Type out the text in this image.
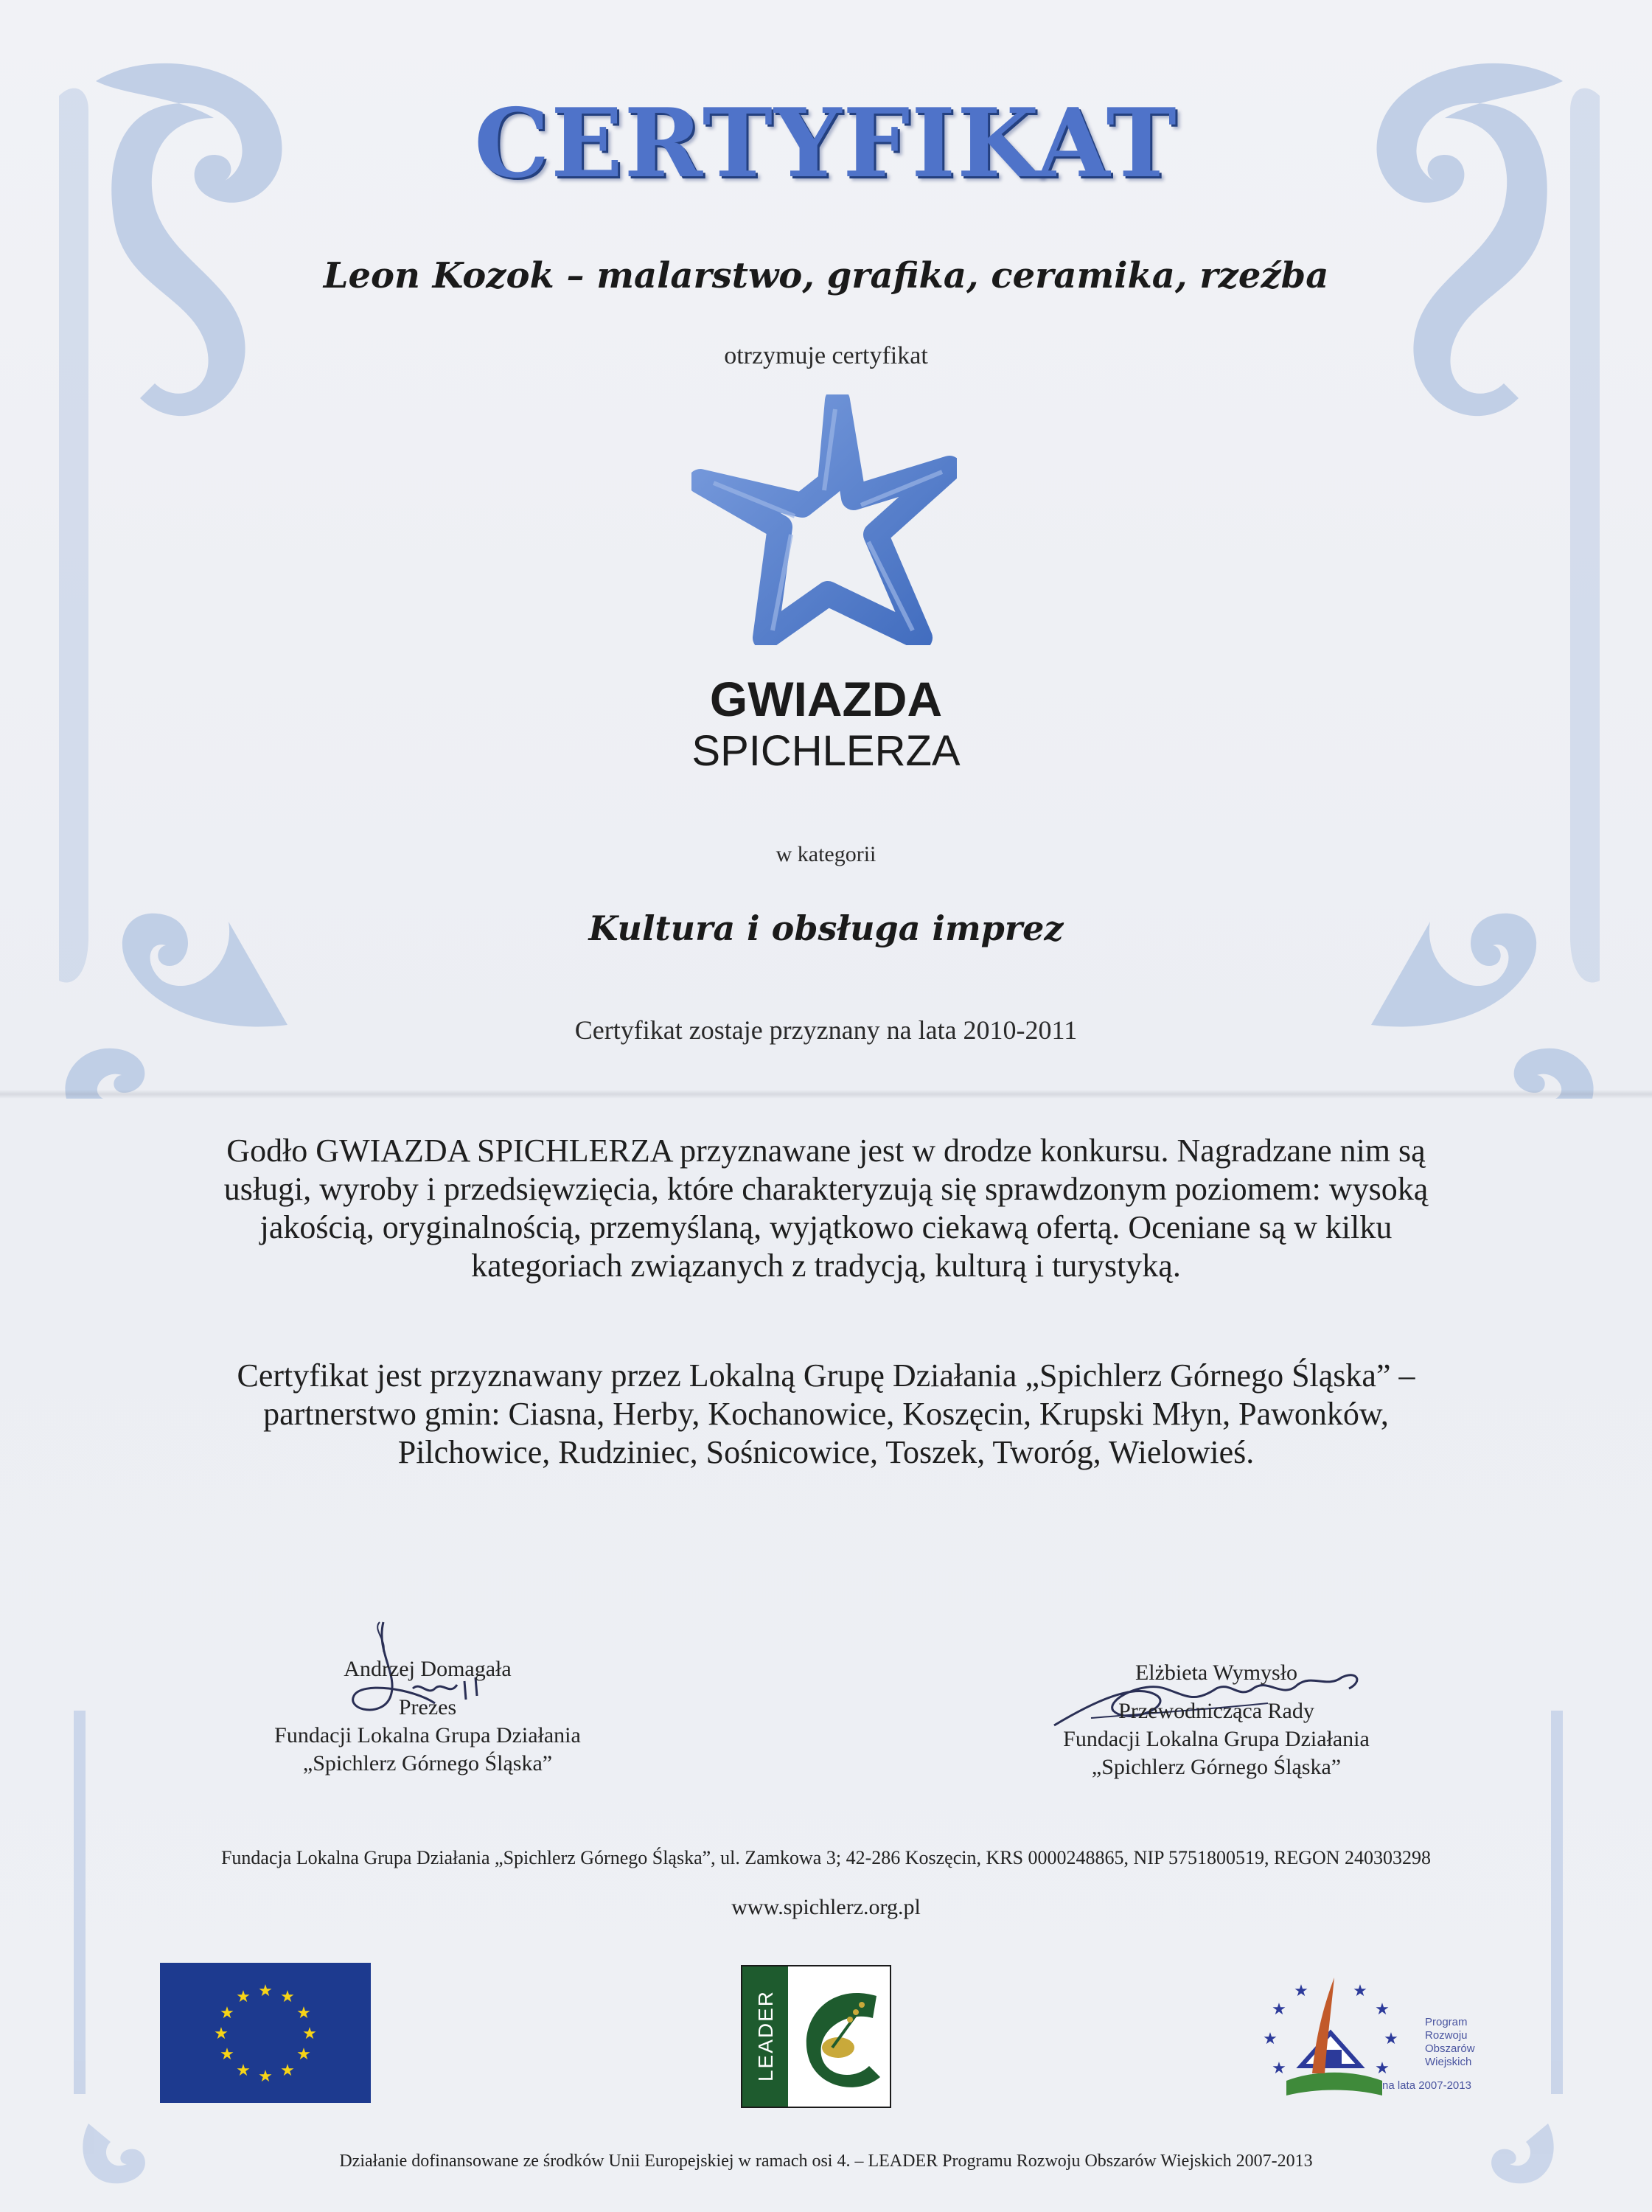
CERTYFIKAT
Leon Kozok – malarstwo, grafika, ceramika, rzeźba
otrzymuje certyfikat
GWIAZDA
SPICHLERZA
w kategorii
Kultura i obsługa imprez
Certyfikat zostaje przyznany na lata 2010-2011
Godło GWIAZDA SPICHLERZA przyznawane jest w drodze konkursu. Nagradzane nim są
usługi, wyroby i przedsięwzięcia, które charakteryzują się sprawdzonym poziomem: wysoką
jakością, oryginalnością, przemyślaną, wyjątkowo ciekawą ofertą. Oceniane są w kilku
kategoriach związanych z tradycją, kulturą i turystyką.
Certyfikat jest przyznawany przez Lokalną Grupę Działania „Spichlerz Górnego Śląska” –
partnerstwo gmin: Ciasna, Herby, Kochanowice, Koszęcin, Krupski Młyn, Pawonków,
Pilchowice, Rudziniec, Sośnicowice, Toszek, Tworóg, Wielowieś.
Andrzej Domagała
Prezes
Fundacji Lokalna Grupa Działania
„Spichlerz Górnego Śląska”
Elżbieta Wymysło
Przewodnicząca Rady
Fundacji Lokalna Grupa Działania
„Spichlerz Górnego Śląska”
Fundacja Lokalna Grupa Działania „Spichlerz Górnego Śląska”, ul. Zamkowa 3; 42-286 Koszęcin, KRS 0000248865, NIP 5751800519, REGON 240303298
www.spichlerz.org.pl
★ ★
★
★
★
★
★
★
★
★
★
★	LEADER	★
★	★
★
★	★
★	★
Program
Rozwoju
Obszarów
Wiejskich
na lata 2007-2013
Działanie dofinansowane ze środków Unii Europejskiej w ramach osi 4. – LEADER Programu Rozwoju Obszarów Wiejskich 2007-2013
